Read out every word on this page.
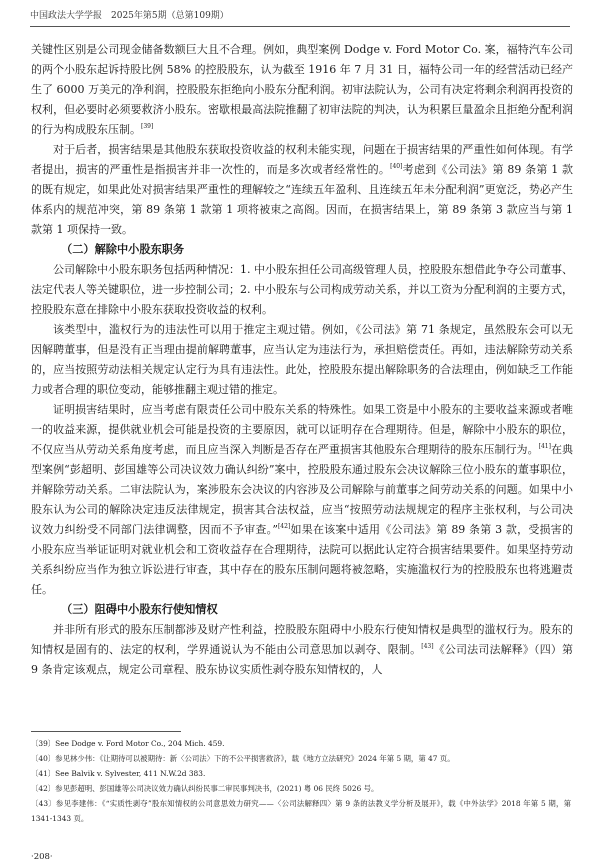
中国政法大学学报　2025年第5期（总第109期）

关键性区别是公司现金储备数额巨大且不合理。例如，典型案例 Dodge v. Ford Motor Co. 案，福特汽车公司的两个小股东起诉持股比例 58% 的控股股东，认为截至 1916 年 7 月 31 日，福特公司一年的经营活动已经产生了 6000 万美元的净利润，控股股东拒绝向小股东分配利润。初审法院认为，公司有决定将剩余利润再投资的权利，但必要时必须要救济小股东。密歇根最高法院推翻了初审法院的判决，认为积累巨量盈余且拒绝分配利润的行为构成股东压制。[39]

对于后者，损害结果是其他股东获取投资收益的权利未能实现，问题在于损害结果的严重性如何体现。有学者提出，损害的严重性是指损害并非一次性的，而是多次或者经常性的。[40]考虑到《公司法》第 89 条第 1 款的既有规定，如果此处对损害结果严重性的理解较之“连续五年盈利、且连续五年未分配利润”更宽泛，势必产生体系内的规范冲突，第 89 条第 1 款第 1 项将被束之高阁。因而，在损害结果上，第 89 条第 3 款应当与第 1 款第 1 项保持一致。

（二）解除中小股东职务

公司解除中小股东职务包括两种情况：1. 中小股东担任公司高级管理人员，控股股东想借此争夺公司董事、法定代表人等关键职位，进一步控制公司；2. 中小股东与公司构成劳动关系，并以工资为分配利润的主要方式，控股股东意在排除中小股东获取投资收益的权利。

该类型中，滥权行为的违法性可以用于推定主观过错。例如，《公司法》第 71 条规定，虽然股东会可以无因解聘董事，但是没有正当理由提前解聘董事，应当认定为违法行为，承担赔偿责任。再如，违法解除劳动关系的，应当按照劳动法相关规定认定行为具有违法性。此处，控股股东提出解除职务的合法理由，例如缺乏工作能力或者合理的职位变动，能够推翻主观过错的推定。

证明损害结果时，应当考虑有限责任公司中股东关系的特殊性。如果工资是中小股东的主要收益来源或者唯一的收益来源，提供就业机会可能是投资的主要原因，就可以证明存在合理期待。但是，解除中小股东的职位，不仅应当从劳动关系角度考虑，而且应当深入判断是否存在严重损害其他股东合理期待的股东压制行为。[41]在典型案例“彭超明、彭国雄等公司决议效力确认纠纷”案中，控股股东通过股东会决议解除三位小股东的董事职位，并解除劳动关系。二审法院认为，案涉股东会决议的内容涉及公司解除与前董事之间劳动关系的问题。如果中小股东认为公司的解除决定违反法律规定，损害其合法权益，应当“按照劳动法规规定的程序主张权利，与公司决议效力纠纷受不同部门法律调整，因而不予审查。”[42]如果在该案中适用《公司法》第 89 条第 3 款，受损害的小股东应当举证证明对就业机会和工资收益存在合理期待，法院可以据此认定符合损害结果要件。如果坚持劳动关系纠纷应当作为独立诉讼进行审查，其中存在的股东压制问题将被忽略，实施滥权行为的控股股东也将逃避责任。

（三）阻碍中小股东行使知情权

并非所有形式的股东压制都涉及财产性利益，控股股东阻碍中小股东行使知情权是典型的滥权行为。股东的知情权是固有的、法定的权利，学界通说认为不能由公司意思加以剥夺、限制。[43]《公司法司法解释》（四）第 9 条肯定该观点，规定公司章程、股东协议实质性剥夺股东知情权的，人

〔39〕See Dodge v. Ford Motor Co., 204 Mich. 459.

〔40〕参见林少伟：《让期待可以被期待：新〈公司法〉下的不公平损害救济》，载《地方立法研究》2024 年第 5 期，第 47 页。

〔41〕See Balvik v. Sylvester, 411 N.W.2d 383.

〔42〕参见彭超明、彭国雄等公司决议效力确认纠纷民事二审民事判决书，(2021) 粤 06 民终 5026 号。

〔43〕参见李建伟：《“实质性剥夺”股东知情权的公司意思效力研究——〈公司法解释四〉第 9 条的法教义学分析及展开》，载《中外法学》2018 年第 5 期，第 1341-1343 页。

·208·
